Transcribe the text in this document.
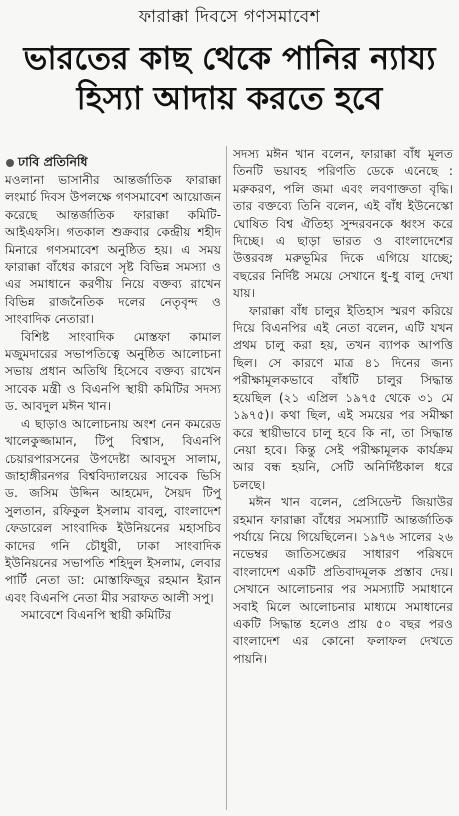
ফারাক্কা দিবসে গণসমাবেশ
ভারতের কাছ থেকে পানির ন্যায্য
হিস্যা আদায় করতে হবে
ঢাবি প্রতিনিধি

মওলানা ভাসানীর আন্তর্জাতিক ফারাক্কা লংমার্চ দিবস উপলক্ষে গণসমাবেশ আয়োজন করেছে আন্তর্জাতিক ফারাক্কা কমিটি-আইএফসি। গতকাল শুক্রবার কেন্দ্রীয় শহীদ মিনারে গণসমাবেশ অনুষ্ঠিত হয়। এ সময় ফারাক্কা বাঁধের কারণে সৃষ্ট বিভিন্ন সমস্যা ও এর সমাধানে করণীয় নিয়ে বক্তব্য রাখেন বিভিন্ন রাজনৈতিক দলের নেতৃবৃন্দ ও সাংবাদিক নেতারা।

বিশিষ্ট সাংবাদিক মোস্তফা কামাল মজুমদারের সভাপতিত্বে অনুষ্ঠিত আলোচনা সভায় প্রধান অতিথি হিসেবে বক্তব্য রাখেন সাবেক মন্ত্রী ও বিএনপি স্থায়ী কমিটির সদস্য ড. আবদুল মঈন খান।

এ ছাড়াও আলোচনায় অংশ নেন কমরেড খালেকুজ্জামান, টিপু বিশ্বাস, বিএনপি চেয়ারপারসনের উপদেষ্টা আবদুস সালাম, জাহাঙ্গীরনগর বিশ্ববিদ্যালয়ের সাবেক ভিসি ড. জসিম উদ্দিন আহমেদ, সৈয়দ টিপু সুলতান, রফিকুল ইসলাম বাবলু, বাংলাদেশ ফেডারেল সাংবাদিক ইউনিয়নের মহাসচিব কাদের গনি চৌধুরী, ঢাকা সাংবাদিক ইউনিয়নের সভাপতি শহিদুল ইসলাম, লেবার পার্টি নেতা ডা: মোস্তাফিজুর রহমান ইরান এবং বিএনপি নেতা মীর সরাফত আলী সপু।

সমাবেশে বিএনপি স্থায়ী কমিটির

সদস্য মঈন খান বলেন, ফারাক্কা বাঁধ মূলত তিনটি ভয়াবহ পরিণতি ডেকে এনেছে : মরুকরণ, পলি জমা এবং লবণাক্ততা বৃদ্ধি। তার বক্তব্যে তিনি বলেন, এই বাঁধ ইউনেস্কো ঘোষিত বিশ্ব ঐতিহ্য সুন্দরবনকে ধ্বংস করে দিচ্ছে। এ ছাড়া ভারত ও বাংলাদেশের উত্তরবঙ্গ মরুভূমির দিকে এগিয়ে যাচ্ছে; বছরের নির্দিষ্ট সময়ে সেখানে ধু-ধু বালু দেখা যায়।

ফারাক্কা বাঁধ চালুর ইতিহাস স্মরণ করিয়ে দিয়ে বিএনপির এই নেতা বলেন, এটি যখন প্রথম চালু করা হয়, তখন ব্যাপক আপত্তি ছিল। সে কারণে মাত্র ৪১ দিনের জন্য পরীক্ষামূলকভাবে বাঁধটি চালুর সিদ্ধান্ত হয়েছিল (২১ এপ্রিল ১৯৭৫ থেকে ৩১ মে ১৯৭৫)। কথা ছিল, এই সময়ের পর সমীক্ষা করে স্থায়ীভাবে চালু হবে কি না, তা সিদ্ধান্ত নেয়া হবে। কিন্তু সেই পরীক্ষামূলক কার্যক্রম আর বন্ধ হয়নি, সেটি অনির্দিষ্টকাল ধরে চলছে।

মঈন খান বলেন, প্রেসিডেন্ট জিয়াউর রহমান ফারাক্কা বাঁধের সমস্যাটি আন্তর্জাতিক পর্যায়ে নিয়ে গিয়েছিলেন। ১৯৭৬ সালের ২৬ নভেম্বর জাতিসঙ্ঘের সাধারণ পরিষদে বাংলাদেশ একটি প্রতিবাদমূলক প্রস্তাব দেয়। সেখানে আলোচনার পর সমস্যাটি সমাধানে সবাই মিলে আলোচনার মাধ্যমে সমাধানের একটি সিদ্ধান্ত হলেও প্রায় ৫০ বছর পরও বাংলাদেশ এর কোনো ফলাফল দেখতে পায়নি।
